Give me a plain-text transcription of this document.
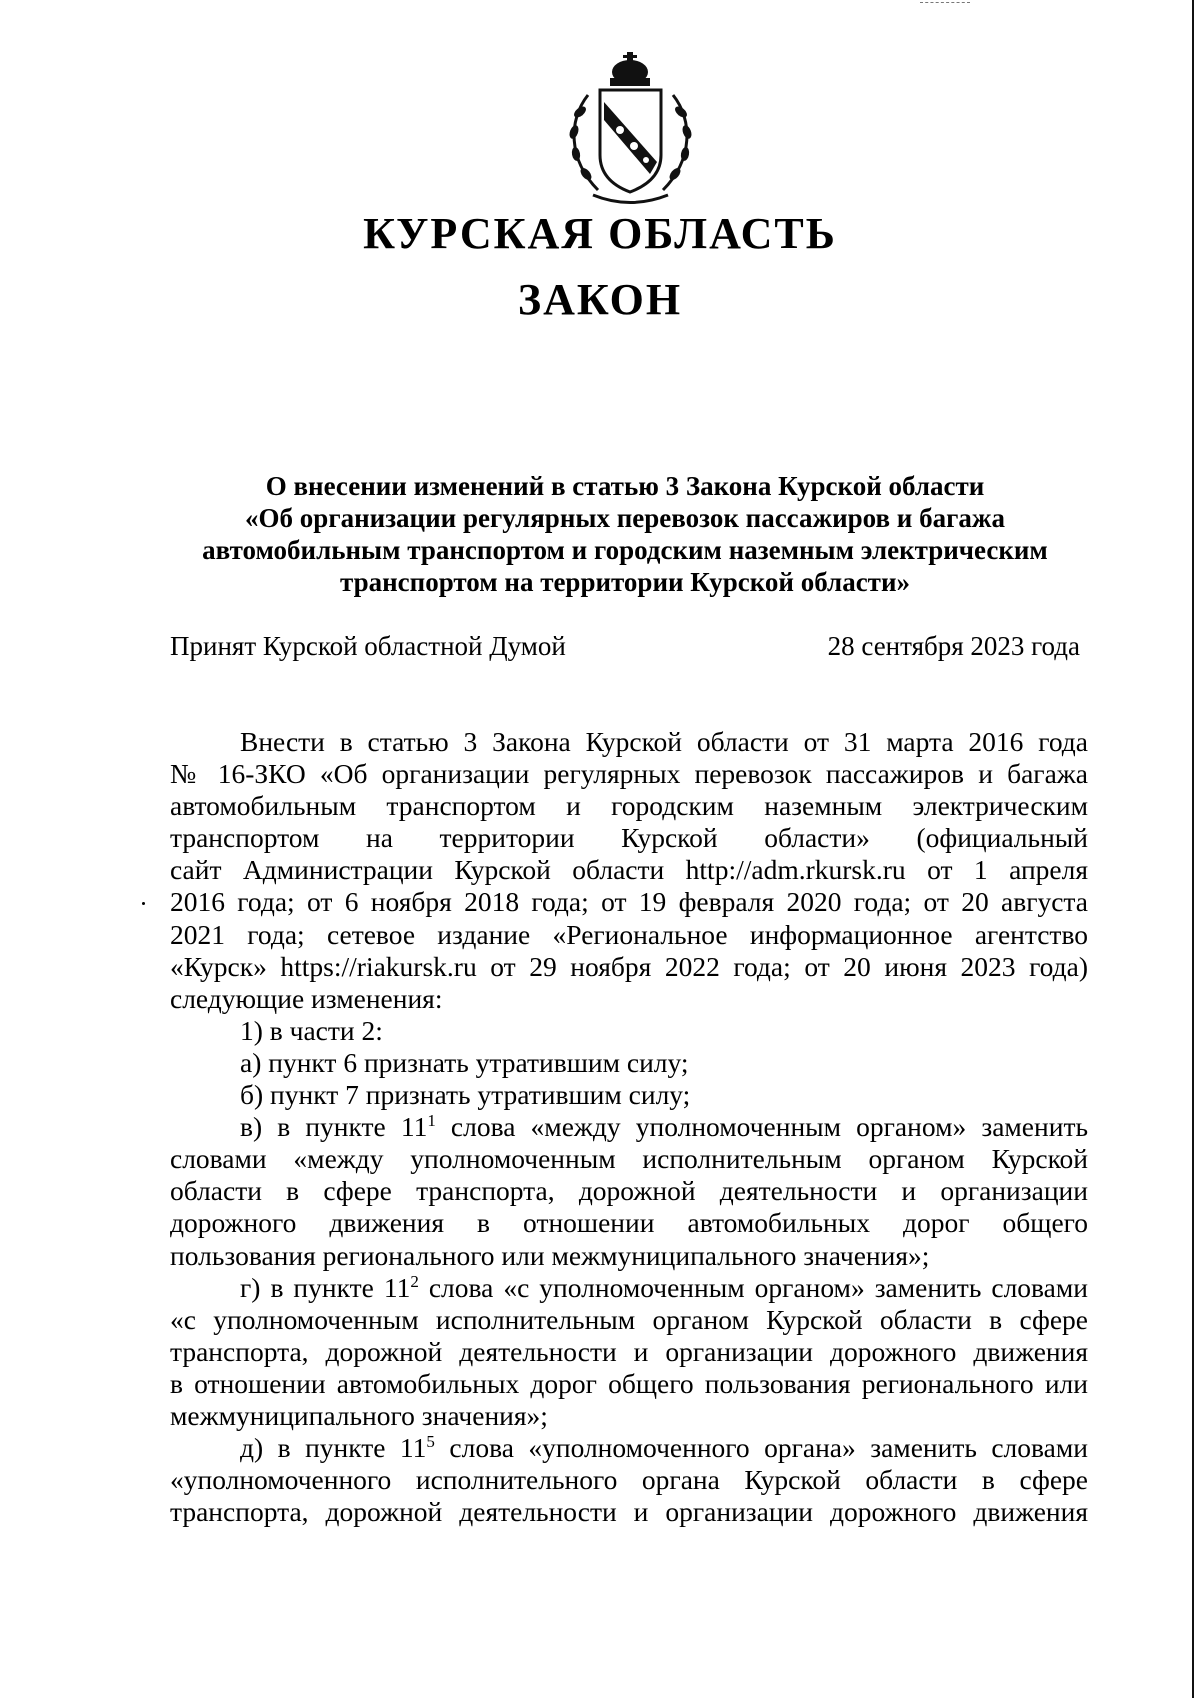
КУРСКАЯ ОБЛАСТЬ
ЗАКОН
О внесении изменений в статью 3 Закона Курской области
«Об организации регулярных перевозок пассажиров и багажа
автомобильным транспортом и городским наземным электрическим
транспортом на территории Курской области»
Принят Курской областной Думой	28 сентября 2023 года
Внести в статью 3 Закона Курской области от 31 марта 2016 года
№ 16-ЗКО «Об организации регулярных перевозок пассажиров и багажа
автомобильным транспортом и городским наземным электрическим
транспортом на территории Курской области» (официальный
сайт Администрации Курской области http://adm.rkursk.ru от 1 апреля
2016 года; от 6 ноября 2018 года; от 19 февраля 2020 года; от 20 августа
2021 года; сетевое издание «Региональное информационное агентство
«Курск» https://riakursk.ru от 29 ноября 2022 года; от 20 июня 2023 года)
следующие изменения:
1) в части 2:
а) пункт 6 признать утратившим силу;
б) пункт 7 признать утратившим силу;
в) в пункте $11^1$ слова «между уполномоченным органом» заменить
словами «между уполномоченным исполнительным органом Курской
области в сфере транспорта, дорожной деятельности и организации
дорожного движения в отношении автомобильных дорог общего
пользования регионального или межмуниципального значения»;
г) в пункте $11^2$ слова «с уполномоченным органом» заменить словами
«с уполномоченным исполнительным органом Курской области в сфере
транспорта, дорожной деятельности и организации дорожного движения
в отношении автомобильных дорог общего пользования регионального или
межмуниципального значения»;
д) в пункте $11^5$ слова «уполномоченного органа» заменить словами
«уполномоченного исполнительного органа Курской области в сфере
транспорта, дорожной деятельности и организации дорожного движения
